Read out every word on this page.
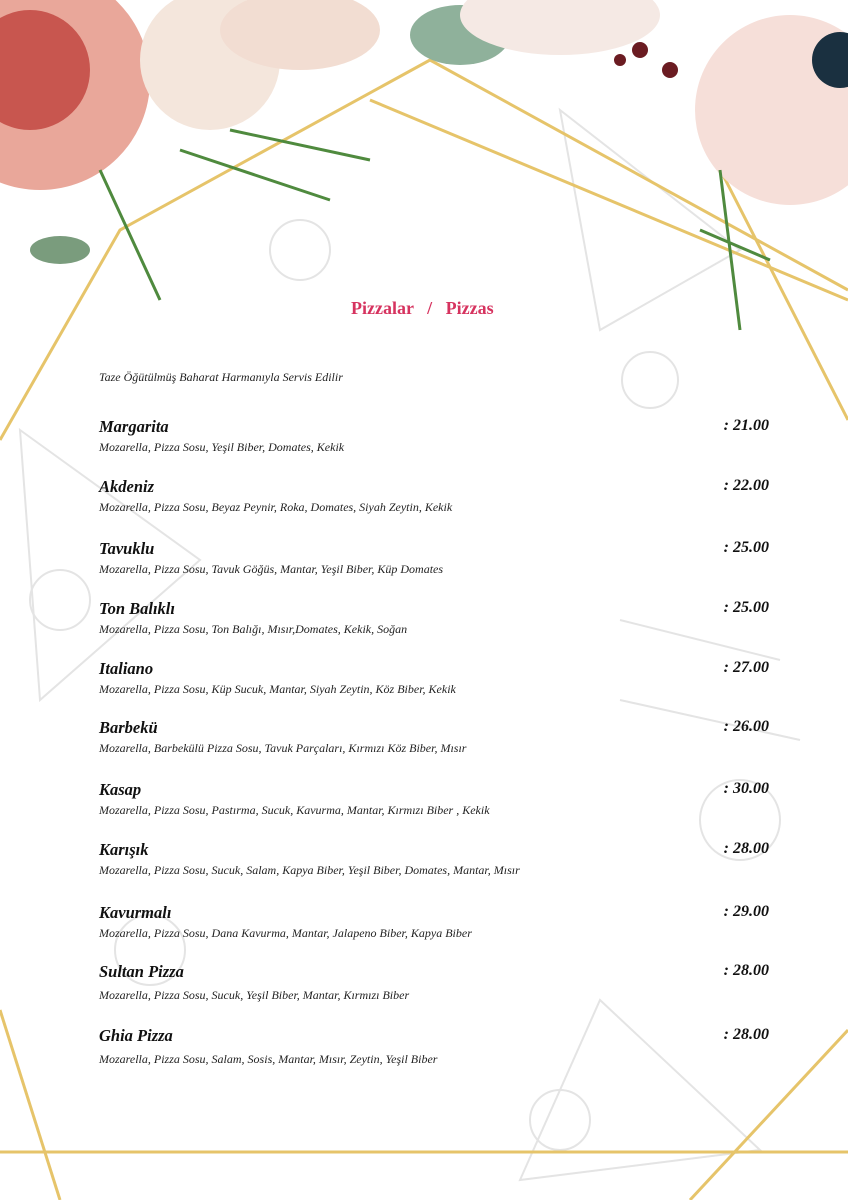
Pizzalar   /   Pizzas
Taze Öğütülmüş Baharat Harmanıyla Servis Edilir
Margarita
Mozarella, Pizza Sosu, Yeşil Biber, Domates, Kekik
: 21.00
Akdeniz
Mozarella, Pizza Sosu, Beyaz Peynir, Roka, Domates, Siyah Zeytin, Kekik
: 22.00
Tavuklu
Mozarella, Pizza Sosu, Tavuk Göğüs, Mantar, Yeşil Biber, Küp Domates
: 25.00
Ton Balıklı
Mozarella, Pizza Sosu, Ton Balığı, Mısır,Domates, Kekik, Soğan
: 25.00
Italiano
Mozarella, Pizza Sosu, Küp Sucuk, Mantar, Siyah Zeytin, Köz Biber, Kekik
: 27.00
Barbekü
Mozarella, Barbekülü Pizza Sosu, Tavuk Parçaları, Kırmızı Köz Biber, Mısır
: 26.00
Kasap
Mozarella, Pizza Sosu, Pastırma, Sucuk, Kavurma, Mantar, Kırmızı Biber , Kekik
: 30.00
Karışık
Mozarella, Pizza Sosu, Sucuk, Salam, Kapya Biber, Yeşil Biber, Domates, Mantar, Mısır
: 28.00
Kavurmalı
Mozarella, Pizza Sosu, Dana Kavurma, Mantar, Jalapeno Biber, Kapya Biber
: 29.00
Sultan Pizza
Mozarella, Pizza Sosu, Sucuk, Yeşil Biber, Mantar, Kırmızı Biber
: 28.00
Ghia Pizza
Mozarella, Pizza Sosu, Salam, Sosis, Mantar, Mısır, Zeytin, Yeşil Biber
: 28.00
